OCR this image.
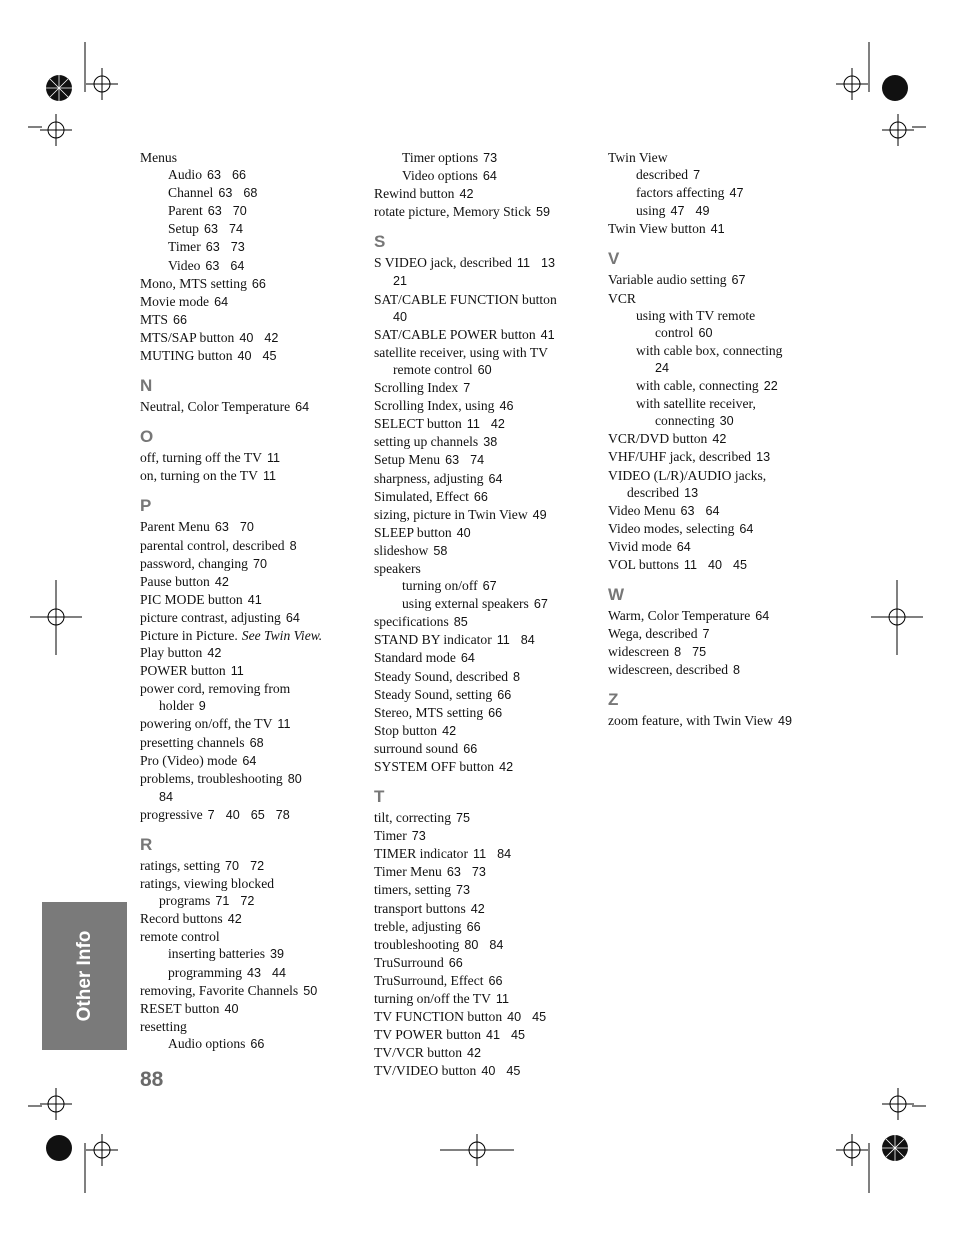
Menus
Audio 63 66
Channel 63 68
Parent 63 70
Setup 63 74
Timer 63 73
Video 63 64
Mono, MTS setting 66
Movie mode 64
MTS 66
MTS/SAP button 40 42
MUTING button 40 45
N
Neutral, Color Temperature 64
O
off, turning off the TV 11
on, turning on the TV 11
P
Parent Menu 63 70
parental control, described 8
password, changing 70
Pause button 42
PIC MODE button 41
picture contrast, adjusting 64
Picture in Picture. See Twin View.
Play button 42
POWER button 11
power cord, removing from
holder 9
powering on/off, the TV 11
presetting channels 68
Pro (Video) mode 64
problems, troubleshooting 80
84
progressive 7 40 65 78
R
ratings, setting 70 72
ratings, viewing blocked
programs 71 72
Record buttons 42
remote control
inserting batteries 39
programming 43 44
removing, Favorite Channels 50
RESET button 40
resetting
Audio options 66
Timer options 73
Video options 64
Rewind button 42
rotate picture, Memory Stick 59
S
S VIDEO jack, described 11 13
21
SAT/CABLE FUNCTION button
40
SAT/CABLE POWER button 41
satellite receiver, using with TV
remote control 60
Scrolling Index 7
Scrolling Index, using 46
SELECT button 11 42
setting up channels 38
Setup Menu 63 74
sharpness, adjusting 64
Simulated, Effect 66
sizing, picture in Twin View 49
SLEEP button 40
slideshow 58
speakers
turning on/off 67
using external speakers 67
specifications 85
STAND BY indicator 11 84
Standard mode 64
Steady Sound, described 8
Steady Sound, setting 66
Stereo, MTS setting 66
Stop button 42
surround sound 66
SYSTEM OFF button 42
T
tilt, correcting 75
Timer 73
TIMER indicator 11 84
Timer Menu 63 73
timers, setting 73
transport buttons 42
treble, adjusting 66
troubleshooting 80 84
TruSurround 66
TruSurround, Effect 66
turning on/off the TV 11
TV FUNCTION button 40 45
TV POWER button 41 45
TV/VCR button 42
TV/VIDEO button 40 45
Twin View
described 7
factors affecting 47
using 47 49
Twin View button 41
V
Variable audio setting 67
VCR
using with TV remote
control 60
with cable box, connecting
24
with cable, connecting 22
with satellite receiver,
connecting 30
VCR/DVD button 42
VHF/UHF jack, described 13
VIDEO (L/R)/AUDIO jacks,
described 13
Video Menu 63 64
Video modes, selecting 64
Vivid mode 64
VOL buttons 11 40 45
W
Warm, Color Temperature 64
Wega, described 7
widescreen 8 75
widescreen, described 8
Z
zoom feature, with Twin View 49
Other Info
88
